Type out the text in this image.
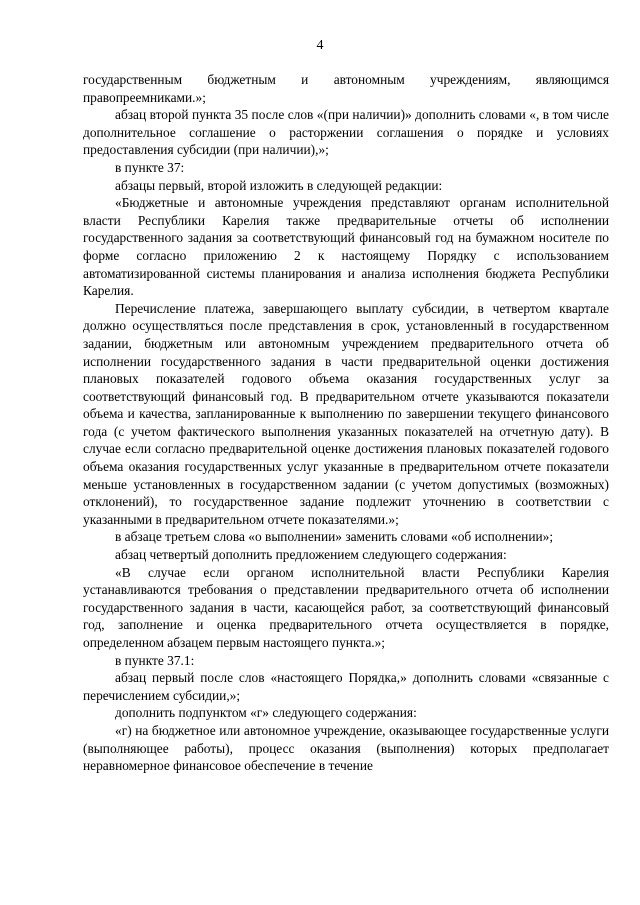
4

государственным бюджетным и автономным учреждениям, являющимся правопреемниками.»;

абзац второй пункта 35 после слов «(при наличии)» дополнить словами «, в том числе дополнительное соглашение о расторжении соглашения о порядке и условиях предоставления субсидии (при наличии),»;

в пункте 37:

абзацы первый, второй изложить в следующей редакции:

«Бюджетные и автономные учреждения представляют органам исполнительной власти Республики Карелия также предварительные отчеты об исполнении государственного задания за соответствующий финансовый год на бумажном носителе по форме согласно приложению 2 к настоящему Порядку с использованием автоматизированной системы планирования и анализа исполнения бюджета Республики Карелия.

Перечисление платежа, завершающего выплату субсидии, в четвертом квартале должно осуществляться после представления в срок, установленный в государственном задании, бюджетным или автономным учреждением предварительного отчета об исполнении государственного задания в части предварительной оценки достижения плановых показателей годового объема оказания государственных услуг за соответствующий финансовый год. В предварительном отчете указываются показатели объема и качества, запланированные к выполнению по завершении текущего финансового года (с учетом фактического выполнения указанных показателей на отчетную дату). В случае если согласно предварительной оценке достижения плановых показателей годового объема оказания государственных услуг указанные в предварительном отчете показатели меньше установленных в государственном задании (с учетом допустимых (возможных) отклонений), то государственное задание подлежит уточнению в соответствии с указанными в предварительном отчете показателями.»;

в абзаце третьем слова «о выполнении» заменить словами «об исполнении»;

абзац четвертый дополнить предложением следующего содержания:

«В случае если органом исполнительной власти Республики Карелия устанавливаются требования о представлении предварительного отчета об исполнении государственного задания в части, касающейся работ, за соответствующий финансовый год, заполнение и оценка предварительного отчета осуществляется в порядке, определенном абзацем первым настоящего пункта.»;

в пункте 37.1:

абзац первый после слов «настоящего Порядка,» дополнить словами «связанные с перечислением субсидии,»;

дополнить подпунктом «г» следующего содержания:

«г) на бюджетное или автономное учреждение, оказывающее государственные услуги (выполняющее работы), процесс оказания (выполнения) которых предполагает неравномерное финансовое обеспечение в течение
